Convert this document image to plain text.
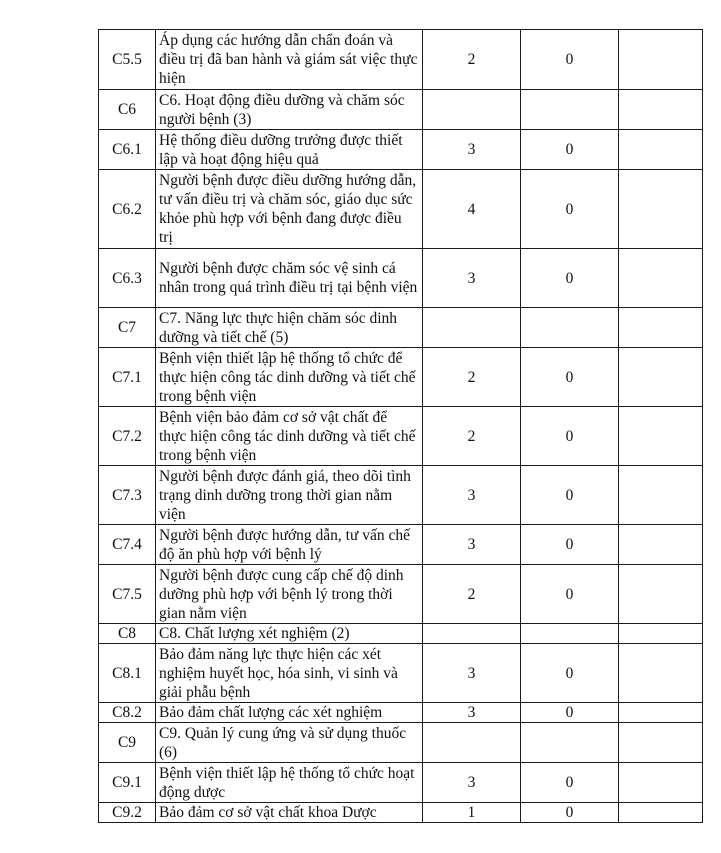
C5.5	Áp dụng các hướng dẫn chẩn đoán và điều trị đã ban hành và giám sát việc thực hiện	2	0	
C6	C6. Hoạt động điều dưỡng và chăm sóc người bệnh (3)			
C6.1	Hệ thống điều dưỡng trưởng được thiết lập và hoạt động hiệu quả	3	0	
C6.2	Người bệnh được điều dưỡng hướng dẫn, tư vấn điều trị và chăm sóc, giáo dục sức khỏe phù hợp với bệnh đang được điều trị	4	0	
C6.3	Người bệnh được chăm sóc vệ sinh cá nhân trong quá trình điều trị tại bệnh viện	3	0	
C7	C7. Năng lực thực hiện chăm sóc dinh dưỡng và tiết chế (5)			
C7.1	Bệnh viện thiết lập hệ thống tổ chức để thực hiện công tác dinh dưỡng và tiết chế trong bệnh viện	2	0	
C7.2	Bệnh viện bảo đảm cơ sở vật chất để thực hiện công tác dinh dưỡng và tiết chế trong bệnh viện	2	0	
C7.3	Người bệnh được đánh giá, theo dõi tình trạng dinh dưỡng trong thời gian nằm viện	3	0	
C7.4	Người bệnh được hướng dẫn, tư vấn chế độ ăn phù hợp với bệnh lý	3	0	
C7.5	Người bệnh được cung cấp chế độ dinh dưỡng phù hợp với bệnh lý trong thời gian nằm viện	2	0	
C8	C8. Chất lượng xét nghiệm (2)			
C8.1	Bảo đảm năng lực thực hiện các xét nghiệm huyết học, hóa sinh, vi sinh và giải phẫu bệnh	3	0	
C8.2	Bảo đảm chất lượng các xét nghiệm	3	0	
C9	C9. Quản lý cung ứng và sử dụng thuốc (6)			
C9.1	Bệnh viện thiết lập hệ thống tổ chức hoạt động dược	3	0	
C9.2	Bảo đảm cơ sở vật chất khoa Dược	1	0	
